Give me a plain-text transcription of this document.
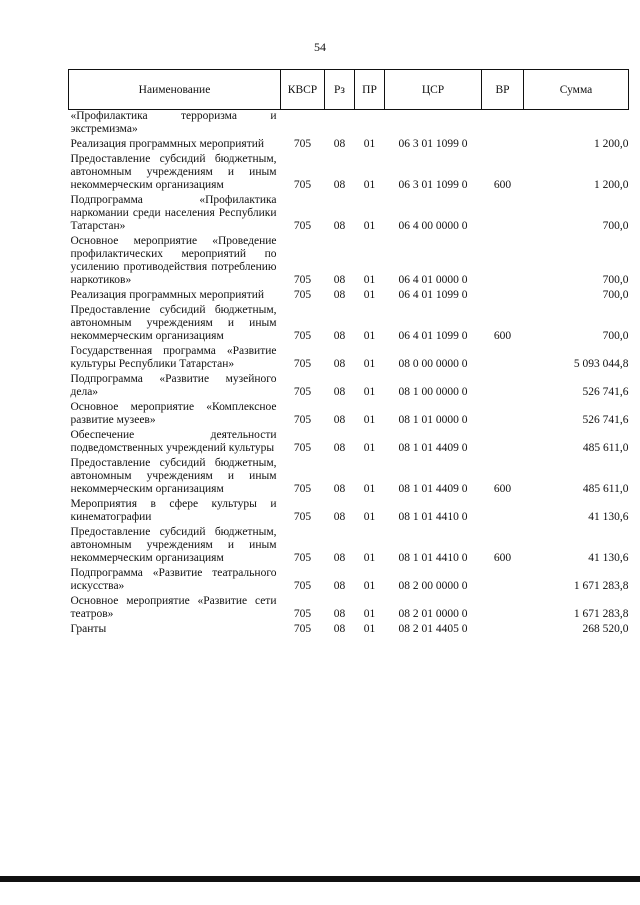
54
Наименование	КВСР	Рз	ПР	ЦСР	ВР	Сумма
«Профилактика терроризма и экстремизма»						

Реализация программных мероприятий	705	08	01	06 3 01 1099 0		1 200,0

Предоставление субсидий бюджетным, автономным учреждениям и иным некоммерческим организациям	705	08	01	06 3 01 1099 0	600	1 200,0

Подпрограмма «Профилактика наркомании среди населения Республики Татарстан»	705	08	01	06 4 00 0000 0		700,0

Основное мероприятие «Проведение профилактических мероприятий по усилению противодействия потреблению наркотиков»	705	08	01	06 4 01 0000 0		700,0

Реализация программных мероприятий	705	08	01	06 4 01 1099 0		700,0

Предоставление субсидий бюджетным, автономным учреждениям и иным некоммерческим организациям	705	08	01	06 4 01 1099 0	600	700,0

Государственная программа «Развитие культуры Республики Татарстан»	705	08	01	08 0 00 0000 0		5 093 044,8

Подпрограмма «Развитие музейного дела»	705	08	01	08 1 00 0000 0		526 741,6

Основное мероприятие «Комплексное развитие музеев»	705	08	01	08 1 01 0000 0		526 741,6

Обеспечение деятельности подведомственных учреждений культуры	705	08	01	08 1 01 4409 0		485 611,0

Предоставление субсидий бюджетным, автономным учреждениям и иным некоммерческим организациям	705	08	01	08 1 01 4409 0	600	485 611,0

Мероприятия в сфере культуры и кинематографии	705	08	01	08 1 01 4410 0		41 130,6

Предоставление субсидий бюджетным, автономным учреждениям и иным некоммерческим организациям	705	08	01	08 1 01 4410 0	600	41 130,6

Подпрограмма «Развитие театрального искусства»	705	08	01	08 2 00 0000 0		1 671 283,8

Основное мероприятие «Развитие сети театров»	705	08	01	08 2 01 0000 0		1 671 283,8

Гранты	705	08	01	08 2 01 4405 0		268 520,0
